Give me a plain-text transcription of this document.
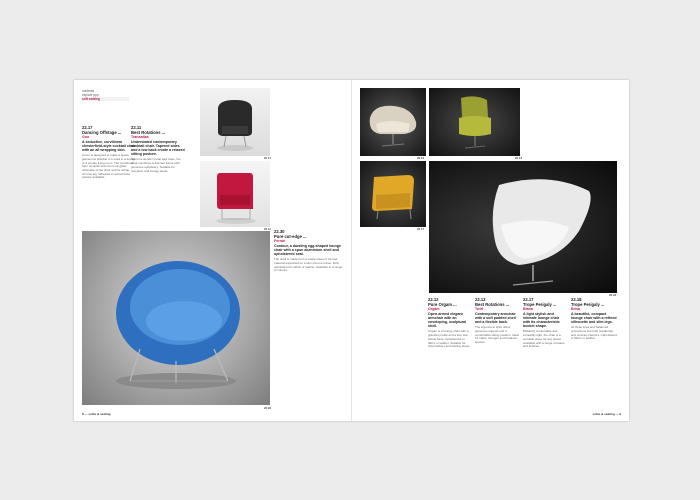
contents
explore ppp
soft seating
22.17
Dancing Offstage ...
Goo
A seductive, curvilinear chesterfield-style cocktail chair with an all wrapping skin.
Cover is designed to make a space glamorous whether it is used in a lounge or a private living room. The curvilinear form complements the hour-glass silhouette of the chair and its subtle chrome leg. Wheeled or swivel base options available.
22.11
Best Rotations ...
Transatlas
Understated contemporary cocktail chair. Tapered sides and a low back create a relaxed sitting posture.
Set on a slender metal sled base, the chair combines a discreet frame with generous upholstery. Suitable for reception and lounge areas.
22.17
22.11 22.30
Pure cut-edge ...
Ferrari
Contour, a dazzling egg-shaped lounge chair with a spun aluminium shell and upholstered seat.
The shell is made from a single sheet of formed material supported on a slim chrome frame. Fully upholstered in fabric or leather. Available in a range of colours.
22.30
8 — sofas & seating
22.12	22.13
22.17
22.18
22.12
Pure Orgam ...
Orgam
Open-armed elegant armchair with an enveloping, sculptural shell.
Orgam is a lounge chair with a graceful profile and a four star swivel base. Upholstered in fabric or leather. Suitable for hotel lobbies and waiting areas.
22.13
Best Rotations ...
Twirl
Contemporary armchair with a soft padded shell and a flexible back.
The ergonomic shell offers generous support and a comfortable sitting position. Ideal for cafes, lounges and breakout spaces.
22.17
Trope Perigaly ...
Blana
A light stylish and intimate lounge chair with its characteristic bucket shape.
Brilliantly comfortable and incredibly light, the chair is a versatile piece for any space. Available with a range of bases and finishes.
22.18
Trope Perigaly ...
Brisa
A beautiful, compact lounge chair with a refined silhouette and slim legs.
Its clean lines and balanced proportions suit both residential and contract interiors. Upholstered in fabric or leather.
sofas & seating — 9
